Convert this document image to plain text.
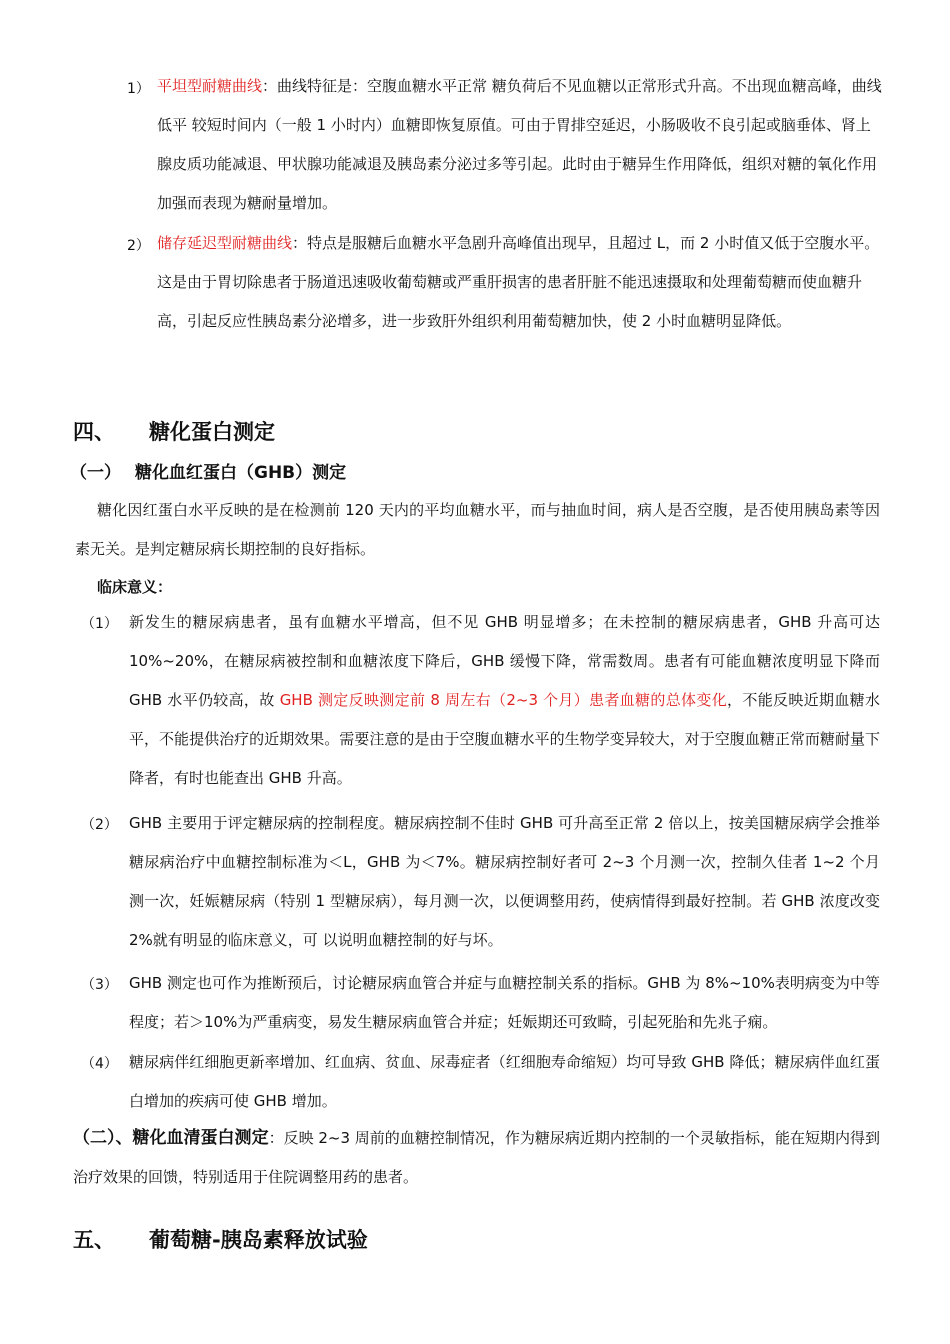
1） 平坦型耐糖曲线：曲线特征是：空腹血糖水平正常 糖负荷后不见血糖以正常形式升高。不出现血糖高峰，曲线低平 较短时间内（一般 1 小时内）血糖即恢复原值。可由于胃排空延迟，小肠吸收不良引起或脑垂体、肾上腺皮质功能减退、甲状腺功能减退及胰岛素分泌过多等引起。此时由于糖异生作用降低，组织对糖的氧化作用加强而表现为糖耐量增加。
2） 储存延迟型耐糖曲线：特点是服糖后血糖水平急剧升高峰值出现早，且超过 L，而 2 小时值又低于空腹水平。这是由于胃切除患者于肠道迅速吸收葡萄糖或严重肝损害的患者肝脏不能迅速摄取和处理葡萄糖而使血糖升高，引起反应性胰岛素分泌增多，进一步致肝外组织利用葡萄糖加快，使 2 小时血糖明显降低。
四、 糖化蛋白测定
（一） 糖化血红蛋白（GHB）测定
糖化因红蛋白水平反映的是在检测前 120 天内的平均血糖水平，而与抽血时间，病人是否空腹，是否使用胰岛素等因素无关。是判定糖尿病长期控制的良好指标。
临床意义：
（1） 新发生的糖尿病患者，虽有血糖水平增高，但不见 GHB 明显增多；在未控制的糖尿病患者，GHB 升高可达 10%~20%，在糖尿病被控制和血糖浓度下降后，GHB 缓慢下降，常需数周。患者有可能血糖浓度明显下降而 GHB 水平仍较高，故 GHB 测定反映测定前 8 周左右（2~3 个月）患者血糖的总体变化，不能反映近期血糖水平，不能提供治疗的近期效果。需要注意的是由于空腹血糖水平的生物学变异较大，对于空腹血糖正常而糖耐量下降者，有时也能查出 GHB 升高。
（2） GHB 主要用于评定糖尿病的控制程度。糖尿病控制不佳时 GHB 可升高至正常 2 倍以上，按美国糖尿病学会推举糖尿病治疗中血糖控制标准为＜L，GHB 为＜7%。糖尿病控制好者可 2~3 个月测一次，控制久佳者 1~2 个月测一次，妊娠糖尿病（特别 1 型糖尿病），每月测一次，以便调整用药，使病情得到最好控制。若 GHB 浓度改变 2%就有明显的临床意义，可 以说明血糖控制的好与坏。
（3） GHB 测定也可作为推断预后，讨论糖尿病血管合并症与血糖控制关系的指标。GHB 为 8%~10%表明病变为中等程度；若＞10%为严重病变，易发生糖尿病血管合并症；妊娠期还可致畸，引起死胎和先兆子痫。
（4） 糖尿病伴红细胞更新率增加、红血病、贫血、尿毒症者（红细胞寿命缩短）均可导致 GHB 降低；糖尿病伴血红蛋白增加的疾病可使 GHB 增加。
（二）、糖化血清蛋白测定：反映 2~3 周前的血糖控制情况，作为糖尿病近期内控制的一个灵敏指标，能在短期内得到治疗效果的回馈，特别适用于住院调整用药的患者。
五、 葡萄糖-胰岛素释放试验
